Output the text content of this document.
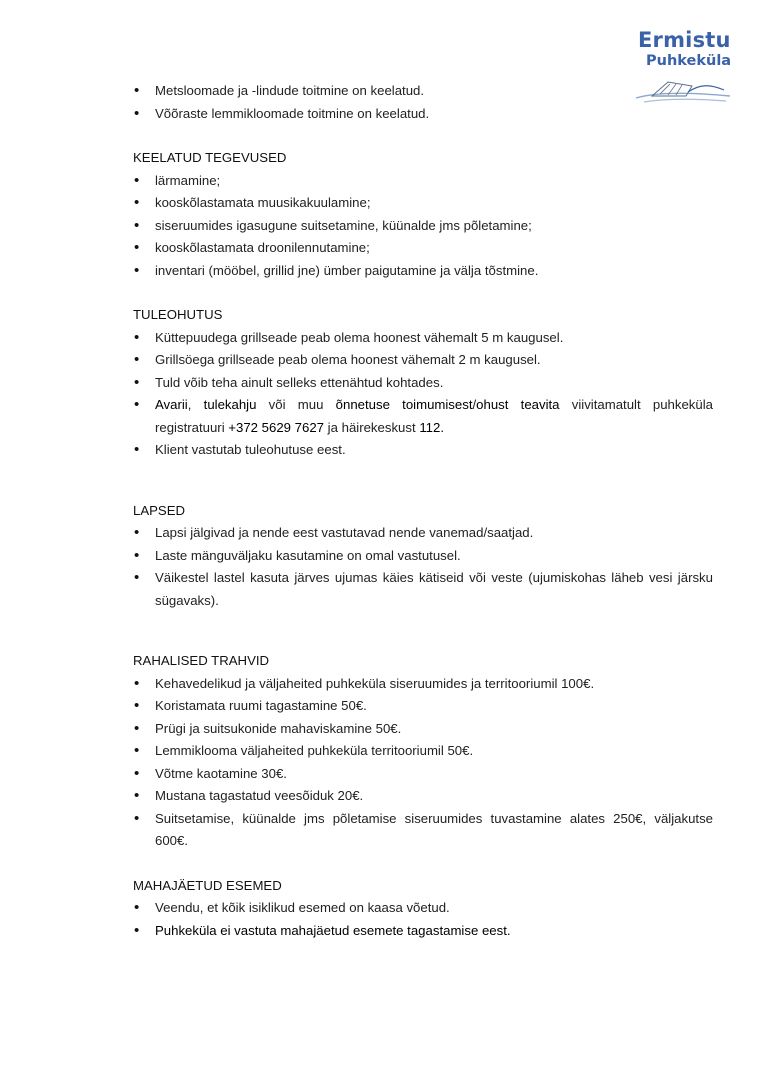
Ermistu
Puhkeküla
• Metsloomade ja -lindude toitmine on keelatud.
• Võõraste lemmikloomade toitmine on keelatud.
KEELATUD TEGEVUSED
• lärmamine;
• kooskõlastamata muusikakuulamine;
• siseruumides igasugune suitsetamine, küünalde jms põletamine;
• kooskõlastamata droonilennutamine;
• inventari (mööbel, grillid jne) ümber paigutamine ja välja tõstmine.
TULEOHUTUS
• Küttepuudega grillseade peab olema hoonest vähemalt 5 m kaugusel.
• Grillsöega grillseade peab olema hoonest vähemalt 2 m kaugusel.
• Tuld võib teha ainult selleks ettenähtud kohtades.
• Avarii, tulekahju või muu õnnetuse toimumisest/ohust teavita viivitamatult puhkeküla registratuuri +372 5629 7627 ja häirekeskust 112.
• Klient vastutab tuleohutuse eest.
LAPSED
• Lapsi jälgivad ja nende eest vastutavad nende vanemad/saatjad.
• Laste mänguväljaku kasutamine on omal vastutusel.
• Väikestel lastel kasuta järves ujumas käies kätiseid või veste (ujumiskohas läheb vesi järsku sügavaks).
RAHALISED TRAHVID
• Kehavedelikud ja väljaheited puhkeküla siseruumides ja territooriumil 100€.
• Koristamata ruumi tagastamine 50€.
• Prügi ja suitsukonide mahaviskamine 50€.
• Lemmiklooma väljaheited puhkeküla territooriumil 50€.
• Võtme kaotamine 30€.
• Mustana tagastatud veesõiduk 20€.
• Suitsetamise, küünalde jms põletamise siseruumides tuvastamine alates 250€, väljakutse 600€.
MAHAJÄETUD ESEMED
• Veendu, et kõik isiklikud esemed on kaasa võetud.
• Puhkeküla ei vastuta mahajäetud esemete tagastamise eest.
